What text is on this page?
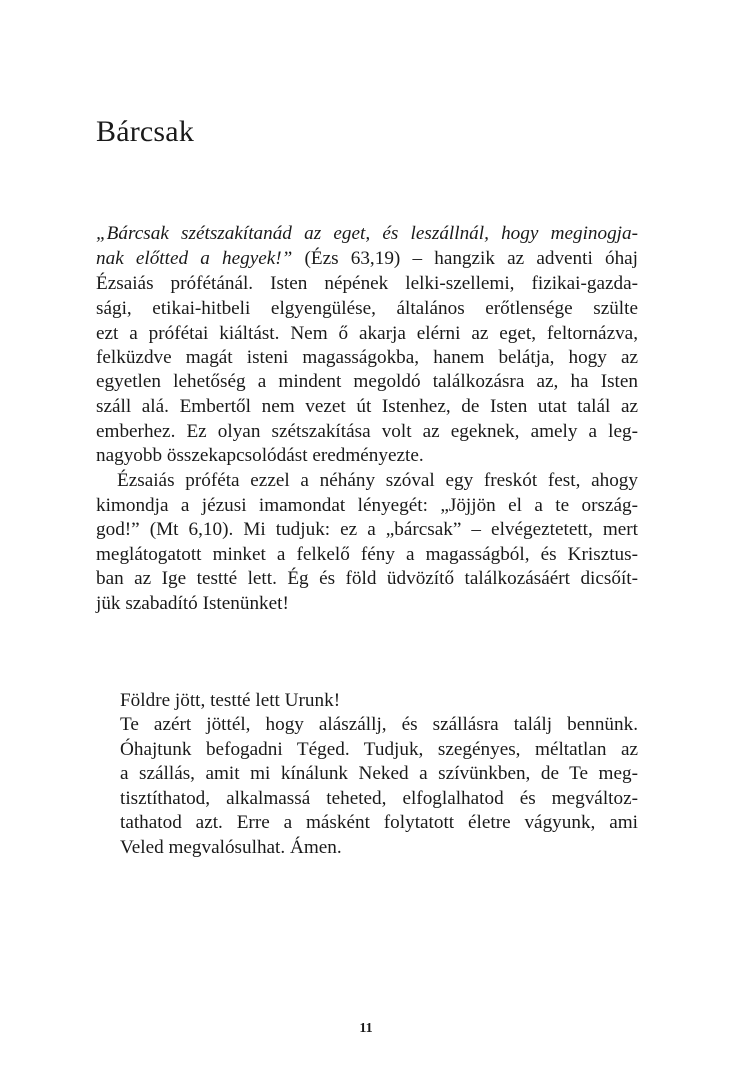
Bárcsak
„Bárcsak szétszakítanád az eget, és leszállnál, hogy meginogja-
nak előtted a hegyek!” (Ézs 63,19) – hangzik az adventi óhaj
Ézsaiás prófétánál. Isten népének lelki-szellemi, fizikai-gazda-
sági, etikai-hitbeli elgyengülése, általános erőtlensége szülte
ezt a prófétai kiáltást. Nem ő akarja elérni az eget, feltornázva,
felküzdve magát isteni magasságokba, hanem belátja, hogy az
egyetlen lehetőség a mindent megoldó találkozásra az, ha Isten
száll alá. Embertől nem vezet út Istenhez, de Isten utat talál az
emberhez. Ez olyan szétszakítása volt az egeknek, amely a leg-
nagyobb összekapcsolódást eredményezte.
Ézsaiás próféta ezzel a néhány szóval egy freskót fest, ahogy
kimondja a jézusi imamondat lényegét: „Jöjjön el a te ország-
god!” (Mt 6,10). Mi tudjuk: ez a „bárcsak” – elvégeztetett, mert
meglátogatott minket a felkelő fény a magasságból, és Krisztus-
ban az Ige testté lett. Ég és föld üdvözítő találkozásáért dicsőít-
jük szabadító Istenünket!
Földre jött, testté lett Urunk!
Te azért jöttél, hogy alászállj, és szállásra találj bennünk.
Óhajtunk befogadni Téged. Tudjuk, szegényes, méltatlan az
a szállás, amit mi kínálunk Neked a szívünkben, de Te meg-
tisztíthatod, alkalmassá teheted, elfoglalhatod és megváltoz-
tathatod azt. Erre a másként folytatott életre vágyunk, ami
Veled megvalósulhat. Ámen.
11
